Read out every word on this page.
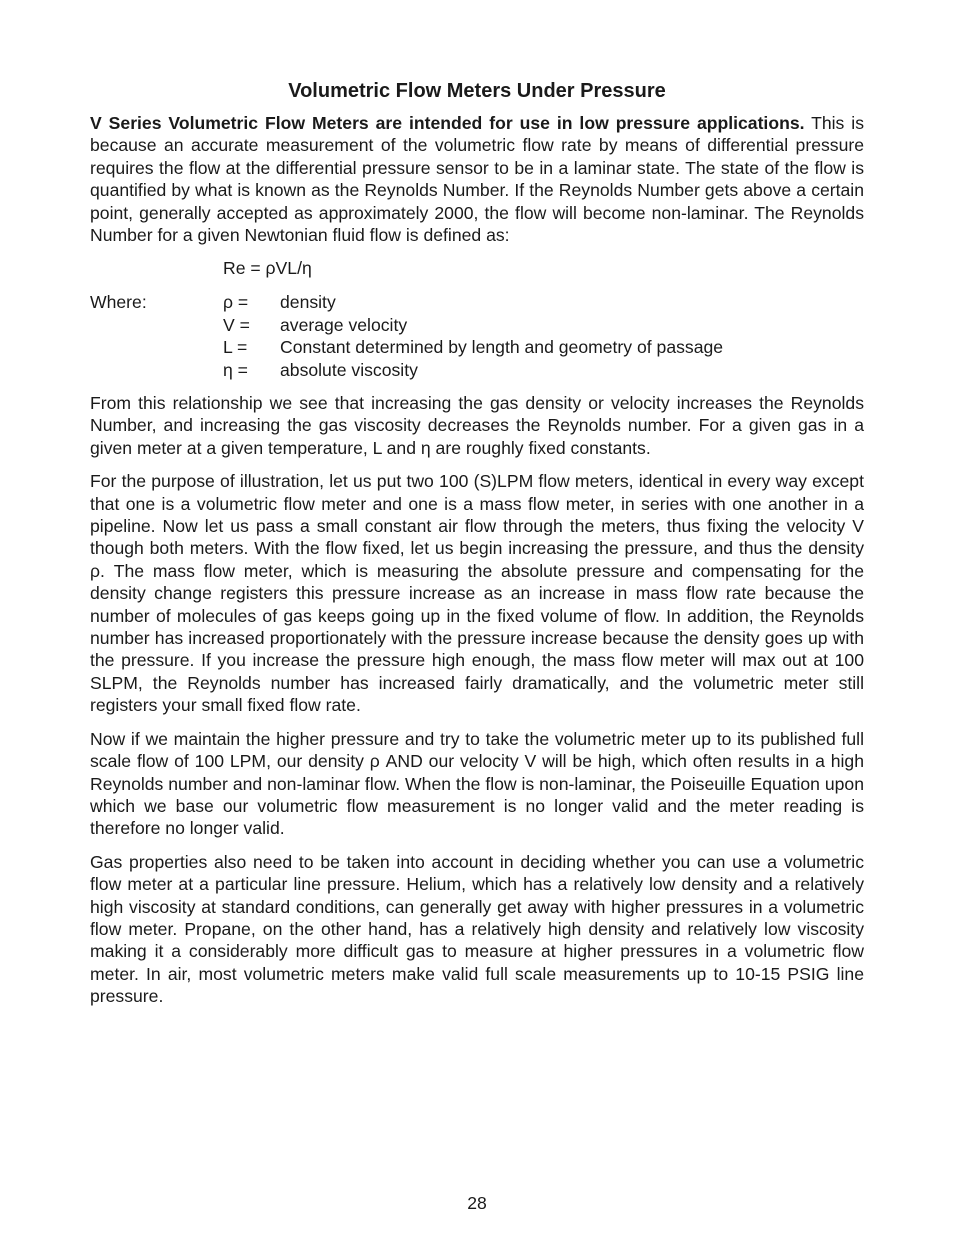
Volumetric Flow Meters Under Pressure

V Series Volumetric Flow Meters are intended for use in low pressure applications. This is because an accurate measurement of the volumetric flow rate by means of differential pressure requires the flow at the differential pressure sensor to be in a laminar state. The state of the flow is quantified by what is known as the Reynolds Number. If the Reynolds Number gets above a certain point, generally accepted as approximately 2000, the flow will become non-laminar. The Reynolds Number for a given Newtonian fluid flow is defined as:

Re = ρVL/η
Where:	ρ = density
V = average velocity
L = Constant determined by length and geometry of passage
η = absolute viscosity

From this relationship we see that increasing the gas density or velocity increases the Reynolds Number, and increasing the gas viscosity decreases the Reynolds number. For a given gas in a given meter at a given temperature, L and η are roughly fixed constants.

For the purpose of illustration, let us put two 100 (S)LPM flow meters, identical in every way except that one is a volumetric flow meter and one is a mass flow meter, in series with one another in a pipeline. Now let us pass a small constant air flow through the meters, thus fixing the velocity V though both meters. With the flow fixed, let us begin increasing the pressure, and thus the density ρ. The mass flow meter, which is measuring the absolute pressure and compensating for the density change registers this pressure increase as an increase in mass flow rate because the number of molecules of gas keeps going up in the fixed volume of flow. In addition, the Reynolds number has increased proportionately with the pressure increase because the density goes up with the pressure. If you increase the pressure high enough, the mass flow meter will max out at 100 SLPM, the Reynolds number has increased fairly dramatically, and the volumetric meter still registers your small fixed flow rate.

Now if we maintain the higher pressure and try to take the volumetric meter up to its published full scale flow of 100 LPM, our density ρ AND our velocity V will be high, which often results in a high Reynolds number and non-laminar flow. When the flow is non-laminar, the Poiseuille Equation upon which we base our volumetric flow measurement is no longer valid and the meter reading is therefore no longer valid.

Gas properties also need to be taken into account in deciding whether you can use a volumetric flow meter at a particular line pressure. Helium, which has a relatively low density and a relatively high viscosity at standard conditions, can generally get away with higher pressures in a volumetric flow meter. Propane, on the other hand, has a relatively high density and relatively low viscosity making it a considerably more difficult gas to measure at higher pressures in a volumetric flow meter. In air, most volumetric meters make valid full scale measurements up to 10-15 PSIG line pressure.

28
